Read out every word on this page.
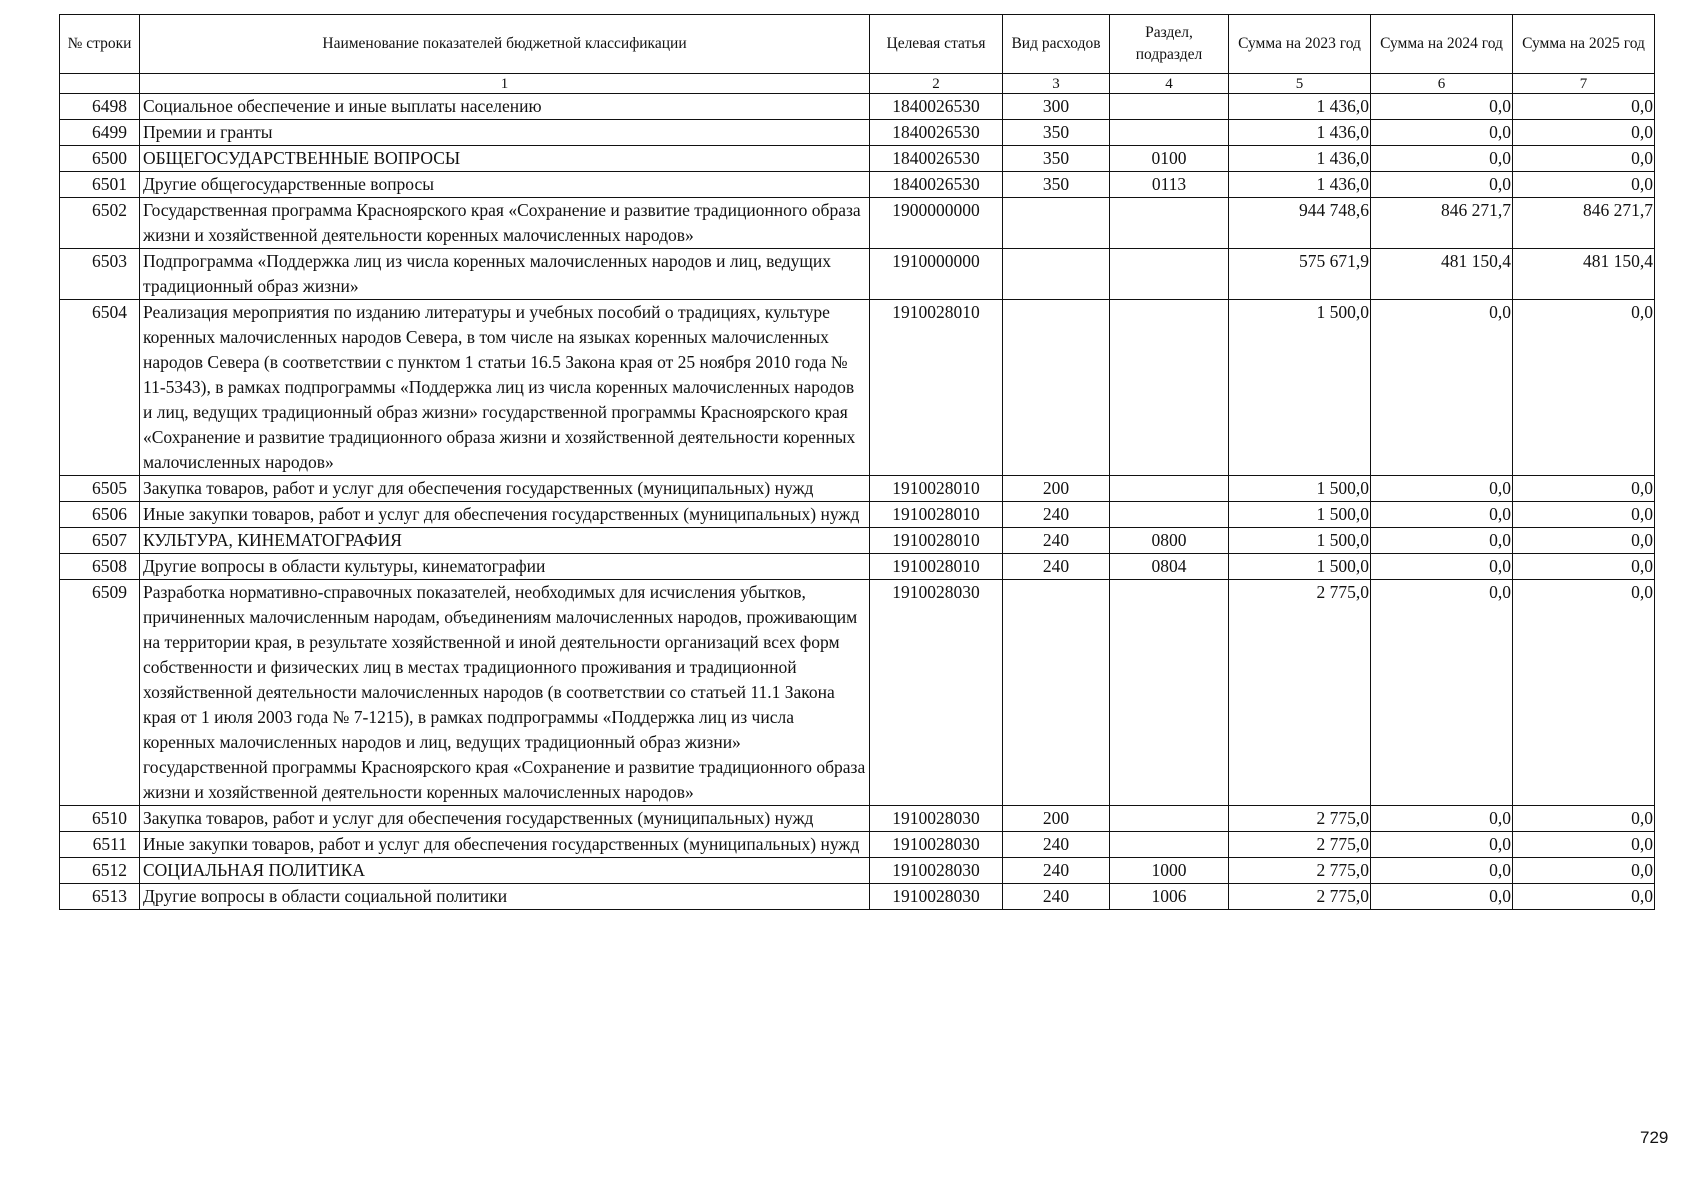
№ строки	Наименование показателей бюджетной классификации	Целевая статья	Вид расходов	Раздел, подраздел	Сумма на 2023 год	Сумма на 2024 год	Сумма на 2025 год
	1	2	3	4	5	6	7
6498	Социальное обеспечение и иные выплаты населению	1840026530	300		1 436,0	0,0	0,0
6499	Премии и гранты	1840026530	350		1 436,0	0,0	0,0
6500	ОБЩЕГОСУДАРСТВЕННЫЕ ВОПРОСЫ	1840026530	350	0100	1 436,0	0,0	0,0
6501	Другие общегосударственные вопросы	1840026530	350	0113	1 436,0	0,0	0,0
6502	Государственная программа Красноярского края «Сохранение и развитие традиционного образа жизни и хозяйственной деятельности коренных малочисленных народов»	1900000000			944 748,6	846 271,7	846 271,7
6503	Подпрограмма «Поддержка лиц из числа коренных малочисленных народов и лиц, ведущих традиционный образ жизни»	1910000000			575 671,9	481 150,4	481 150,4
6504	Реализация мероприятия по изданию литературы и учебных пособий о традициях, культуре коренных малочисленных народов Севера, в том числе на языках коренных малочисленных народов Севера (в соответствии с пунктом 1 статьи 16.5 Закона края от 25 ноября 2010 года № 11-5343), в рамках подпрограммы «Поддержка лиц из числа коренных малочисленных народов и лиц, ведущих традиционный образ жизни» государственной программы Красноярского края «Сохранение и развитие традиционного образа жизни и хозяйственной деятельности коренных малочисленных народов»	1910028010			1 500,0	0,0	0,0
6505	Закупка товаров, работ и услуг для обеспечения государственных (муниципальных) нужд	1910028010	200		1 500,0	0,0	0,0
6506	Иные закупки товаров, работ и услуг для обеспечения государственных (муниципальных) нужд	1910028010	240		1 500,0	0,0	0,0
6507	КУЛЬТУРА, КИНЕМАТОГРАФИЯ	1910028010	240	0800	1 500,0	0,0	0,0
6508	Другие вопросы в области культуры, кинематографии	1910028010	240	0804	1 500,0	0,0	0,0
6509	Разработка нормативно-справочных показателей, необходимых для исчисления убытков, причиненных малочисленным народам, объединениям малочисленных народов, проживающим на территории края, в результате хозяйственной и иной деятельности организаций всех форм собственности и физических лиц в местах традиционного проживания и традиционной хозяйственной деятельности малочисленных народов (в соответствии со статьей 11.1 Закона края от 1 июля 2003 года № 7-1215), в рамках подпрограммы «Поддержка лиц из числа коренных малочисленных народов и лиц, ведущих традиционный образ жизни» государственной программы Красноярского края «Сохранение и развитие традиционного образа жизни и хозяйственной деятельности коренных малочисленных народов»	1910028030			2 775,0	0,0	0,0
6510	Закупка товаров, работ и услуг для обеспечения государственных (муниципальных) нужд	1910028030	200		2 775,0	0,0	0,0
6511	Иные закупки товаров, работ и услуг для обеспечения государственных (муниципальных) нужд	1910028030	240		2 775,0	0,0	0,0
6512	СОЦИАЛЬНАЯ ПОЛИТИКА	1910028030	240	1000	2 775,0	0,0	0,0
6513	Другие вопросы в области социальной политики	1910028030	240	1006	2 775,0	0,0	0,0
729
